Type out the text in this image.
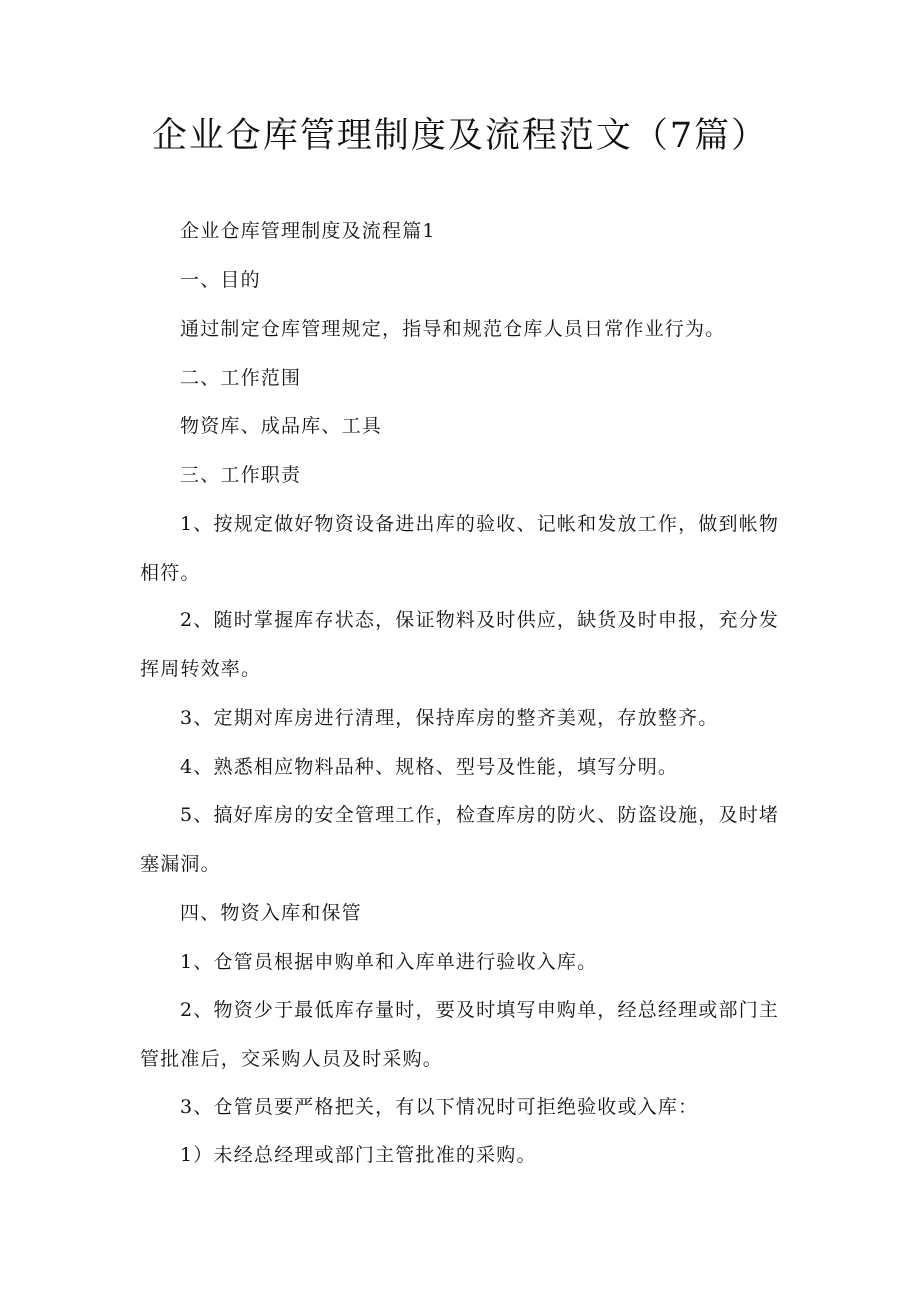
企业仓库管理制度及流程范文（7篇）
企业仓库管理制度及流程篇1
一、目的
通过制定仓库管理规定，指导和规范仓库人员日常作业行为。
二、工作范围
物资库、成品库、工具
三、工作职责
1、按规定做好物资设备进出库的验收、记帐和发放工作，做到帐物
相符。
2、随时掌握库存状态，保证物料及时供应，缺货及时申报，充分发
挥周转效率。
3、定期对库房进行清理，保持库房的整齐美观，存放整齐。
4、熟悉相应物料品种、规格、型号及性能，填写分明。
5、搞好库房的安全管理工作，检查库房的防火、防盗设施，及时堵
塞漏洞。
四、物资入库和保管
1、仓管员根据申购单和入库单进行验收入库。
2、物资少于最低库存量时，要及时填写申购单，经总经理或部门主
管批准后，交采购人员及时采购。
3、仓管员要严格把关，有以下情况时可拒绝验收或入库：
1）未经总经理或部门主管批准的采购。
